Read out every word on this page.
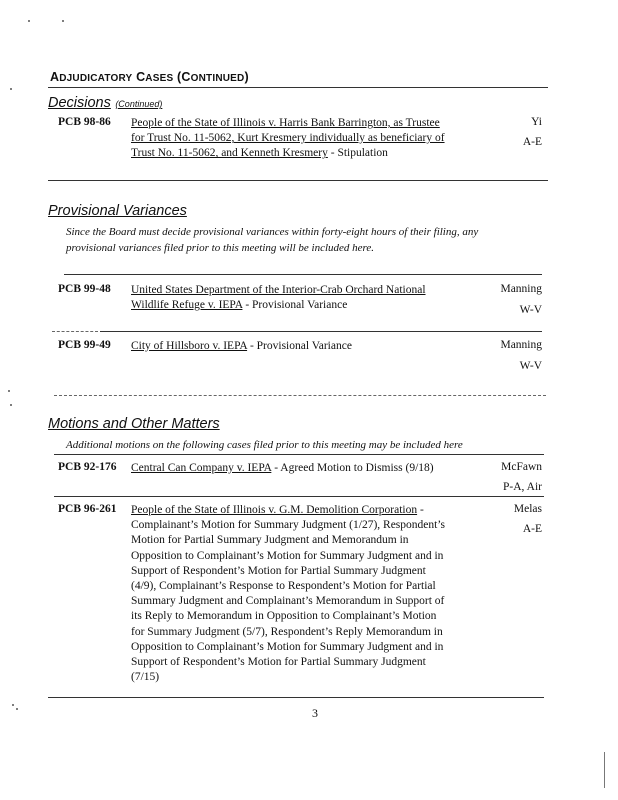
ADJUDICATORY CASES (CONTINUED)
Decisions (Continued)
PCB 98-86 People of the State of Illinois v. Harris Bank Barrington, as Trustee
for Trust No. 11-5062, Kurt Kresmery individually as beneficiary of
Trust No. 11-5062, and Kenneth Kresmery - Stipulation
Yi
A-E
Provisional Variances
Since the Board must decide provisional variances within forty-eight hours of their filing, any
provisional variances filed prior to this meeting will be included here.
PCB 99-48 United States Department of the Interior-Crab Orchard National
Wildlife Refuge v. IEPA - Provisional Variance
Manning
W-V
PCB 99-49 City of Hillsboro v. IEPA - Provisional Variance	Manning
W-V
Motions and Other Matters
Additional motions on the following cases filed prior to this meeting may be included here
PCB 92-176 Central Can Company v. IEPA - Agreed Motion to Dismiss (9/18)	McFawn
P-A, Air
PCB 96-261 People of the State of Illinois v. G.M. Demolition Corporation -
Complainant’s Motion for Summary Judgment (1/27), Respondent’s
Motion for Partial Summary Judgment and Memorandum in
Opposition to Complainant’s Motion for Summary Judgment and in
Support of Respondent’s Motion for Partial Summary Judgment
(4/9), Complainant’s Response to Respondent’s Motion for Partial
Summary Judgment and Complainant’s Memorandum in Support of
its Reply to Memorandum in Opposition to Complainant’s Motion
for Summary Judgment (5/7), Respondent’s Reply Memorandum in
Opposition to Complainant’s Motion for Summary Judgment and in
Support of Respondent’s Motion for Partial Summary Judgment
(7/15)
Melas
A-E
3
